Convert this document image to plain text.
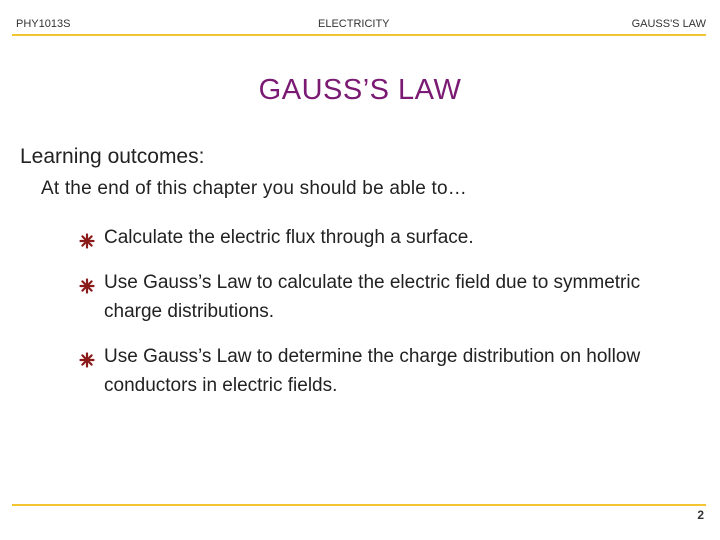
PHY1013S	ELECTRICITY	GAUSS'S LAW
GAUSS’S LAW
Learning outcomes:
At the end of this chapter you should be able to…
Calculate the electric flux through a surface.
Use Gauss’s Law to calculate the electric field due to symmetric charge distributions.
Use Gauss’s Law to determine the charge distribution on hollow conductors in electric fields.
2
